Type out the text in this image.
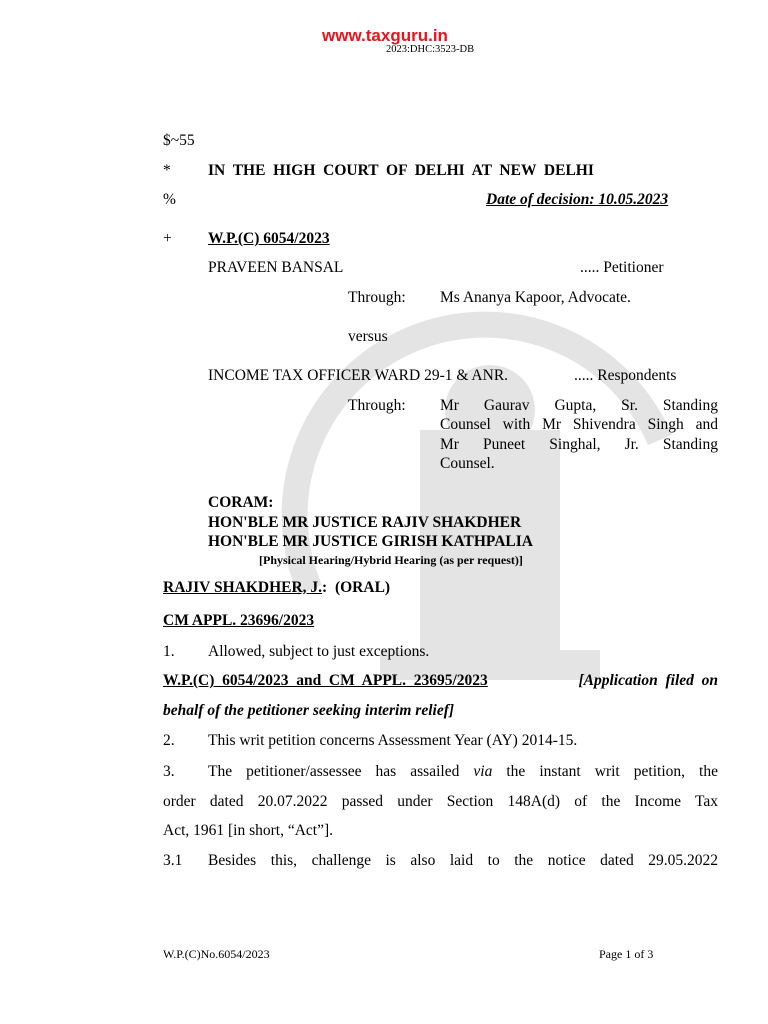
www.taxguru.in
2023:DHC:3523-DB
$~55
* IN  THE  HIGH  COURT  OF  DELHI  AT  NEW  DELHI
%	Date of decision: 10.05.2023
+ W.P.(C) 6054/2023
PRAVEEN BANSAL	..... Petitioner
Through: Ms Ananya Kapoor, Advocate.
versus
INCOME TAX OFFICER WARD 29-1 & ANR.	..... Respondents
Through: Mr Gaurav Gupta, Sr. Standing
Counsel with Mr Shivendra Singh and
Mr Puneet Singhal, Jr. Standing
Counsel.
CORAM:
HON'BLE MR JUSTICE RAJIV SHAKDHER
HON'BLE MR JUSTICE GIRISH KATHPALIA
[Physical Hearing/Hybrid Hearing (as per request)]
RAJIV SHAKDHER, J.:  (ORAL)
CM APPL. 23696/2023
1. Allowed, subject to just exceptions.
W.P.(C)  6054/2023  and  CM  APPL.  23695/2023	[Application  filed  on
behalf of the petitioner seeking interim relief]
2. This writ petition concerns Assessment Year (AY) 2014-15.
3. The petitioner/assessee has assailed via the instant writ petition, the
order dated 20.07.2022 passed under Section 148A(d) of the Income Tax
Act, 1961 [in short, “Act”].
3.1 Besides this, challenge is also laid to the notice dated 29.05.2022
W.P.(C)No.6054/2023	Page 1 of 3
